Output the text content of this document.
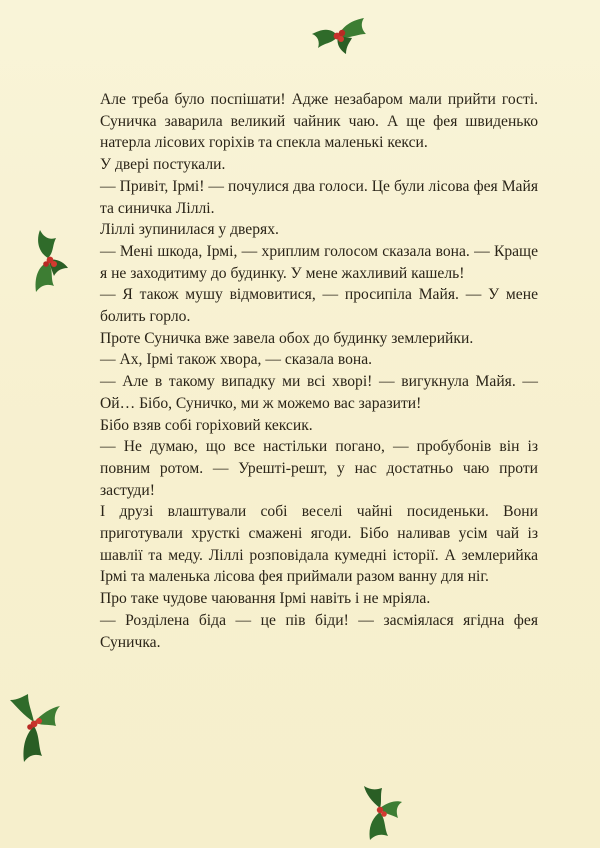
Але треба було поспішати! Адже незабаром мали прийти гості. Суничка заварила великий чайник чаю. А ще фея швиденько натерла лісових горіхів та спекла маленькі кекси.

У двері постукали.

— Привіт, Ірмі! — почулися два голоси. Це були лісова фея Майя та синичка Ліллі.

Ліллі зупинилася у дверях.

— Мені шкода, Ірмі, — хриплим голосом сказала вона. — Краще я не заходитиму до будинку. У мене жахливий кашель!

— Я також мушу відмовитися, — просипіла Майя. — У мене болить горло.

Проте Суничка вже завела обох до будинку землерийки.

— Ах, Ірмі також хвора, — сказала вона.

— Але в такому випадку ми всі хворі! — вигукнула Майя. — Ой… Бібо, Суничко, ми ж можемо вас заразити!

Бібо взяв собі горіховий кексик.

— Не думаю, що все настільки погано, — пробубонів він із повним ротом. — Урешті-решт, у нас достатньо чаю проти застуди!

І друзі влаштували собі веселі чайні посиденьки. Вони приготували хрусткі смажені ягоди. Бібо наливав усім чай із шавлії та меду. Ліллі розповідала кумедні історії. А землерийка Ірмі та маленька лісова фея приймали разом ванну для ніг.

Про таке чудове чаювання Ірмі навіть і не мріяла.

— Розділена біда — це пів біди! — засміялася ягідна фея Суничка.
